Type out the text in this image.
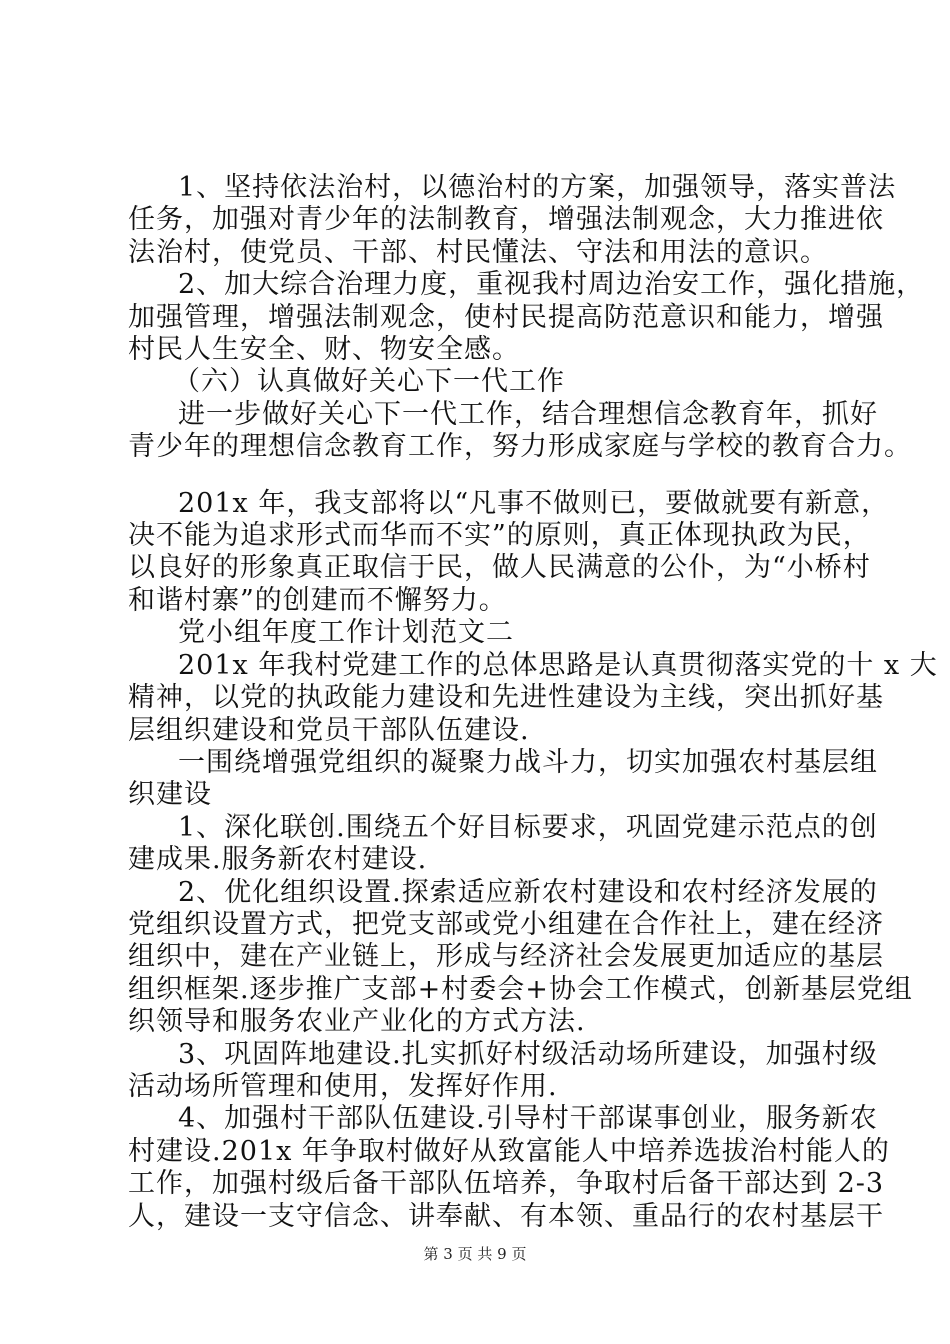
1、坚持依法治村，以德治村的方案，加强领导，落实普法
任务，加强对青少年的法制教育，增强法制观念，大力推进依
法治村，使党员、干部、村民懂法、守法和用法的意识。
2、加大综合治理力度，重视我村周边治安工作，强化措施，
加强管理，增强法制观念，使村民提高防范意识和能力，增强
村民人生安全、财、物安全感。
（六）认真做好关心下一代工作
进一步做好关心下一代工作，结合理想信念教育年，抓好
青少年的理想信念教育工作，努力形成家庭与学校的教育合力。
201x 年，我支部将以“凡事不做则已，要做就要有新意，
决不能为追求形式而华而不实”的原则，真正体现执政为民，
以良好的形象真正取信于民，做人民满意的公仆，为“小桥村
和谐村寨”的创建而不懈努力。
党小组年度工作计划范文二
201x 年我村党建工作的总体思路是认真贯彻落实党的十 x 大
精神，以党的执政能力建设和先进性建设为主线，突出抓好基
层组织建设和党员干部队伍建设.
一围绕增强党组织的凝聚力战斗力，切实加强农村基层组
织建设
1、深化联创.围绕五个好目标要求，巩固党建示范点的创
建成果.服务新农村建设.
2、优化组织设置.探索适应新农村建设和农村经济发展的
党组织设置方式，把党支部或党小组建在合作社上，建在经济
组织中，建在产业链上，形成与经济社会发展更加适应的基层
组织框架.逐步推广支部+村委会+协会工作模式，创新基层党组
织领导和服务农业产业化的方式方法.
3、巩固阵地建设.扎实抓好村级活动场所建设，加强村级
活动场所管理和使用，发挥好作用.
4、加强村干部队伍建设.引导村干部谋事创业，服务新农
村建设.201x 年争取村做好从致富能人中培养选拔治村能人的
工作，加强村级后备干部队伍培养，争取村后备干部达到 2-3
人，建设一支守信念、讲奉献、有本领、重品行的农村基层干
第 3 页 共 9 页
